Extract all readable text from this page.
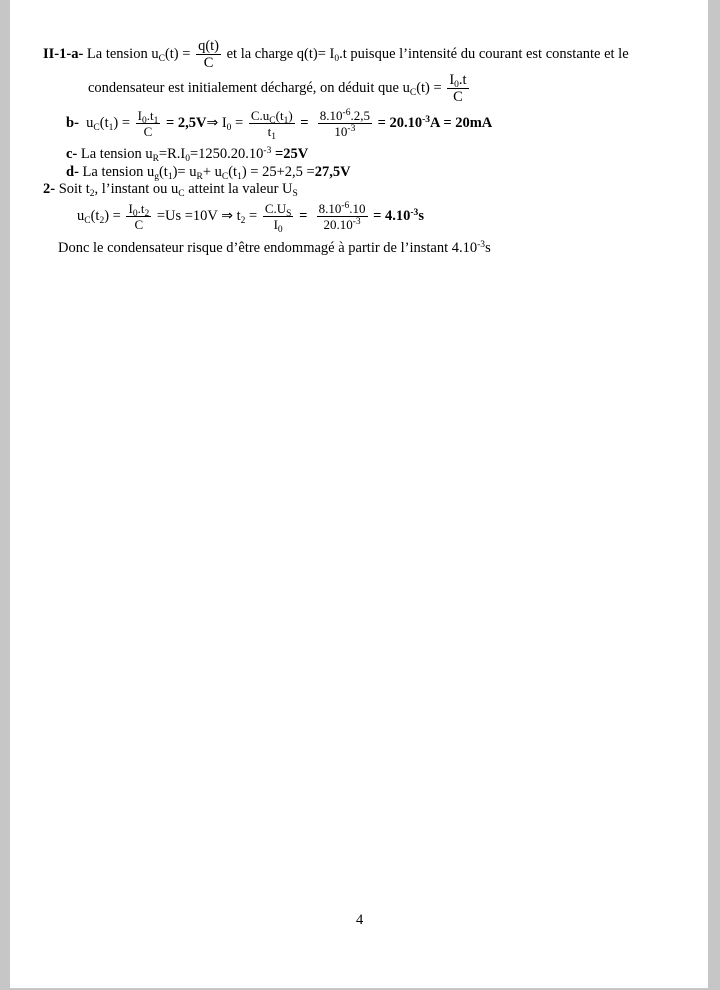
II-1-a- La tension $u_C(t) = \frac{q(t)}{C}$ et la charge $q(t)= I_0.t$ puisque l’intensité du courant est constante et le
condensateur est initialement déchargé, on déduit que $u_C(t) = \frac{I_0.t}{C}$
b- $u_C(t_1) = \frac{I_0.t_1}{C}$ = 2,5V⇒ $I_0 = \frac{C.u_C(t_1)}{t_1} = \frac{8.10^{-6}.2,5}{10^{-3}} = 20.10^{-3}A = 20mA$
c- La tension $u_R=R.I_0=1250.20.10^{-3} =25V$
d- La tension $u_g(t_1)= u_R+ u_C(t_1) = 25+2,5 =27,5V$
2- Soit $t_2$, l’instant ou $u_C$ atteint la valeur $U_S$
$u_C(t_2) = \frac{I_0.t_2}{C} =Us =10V$ ⇒ $t_2 = \frac{C.U_S}{I_0} = \frac{8.10^{-6}.10}{20.10^{-3}} = 4.10^{-3}s$
Donc le condensateur risque d’être endommagé à partir de l’instant $4.10^{-3}s$
4
